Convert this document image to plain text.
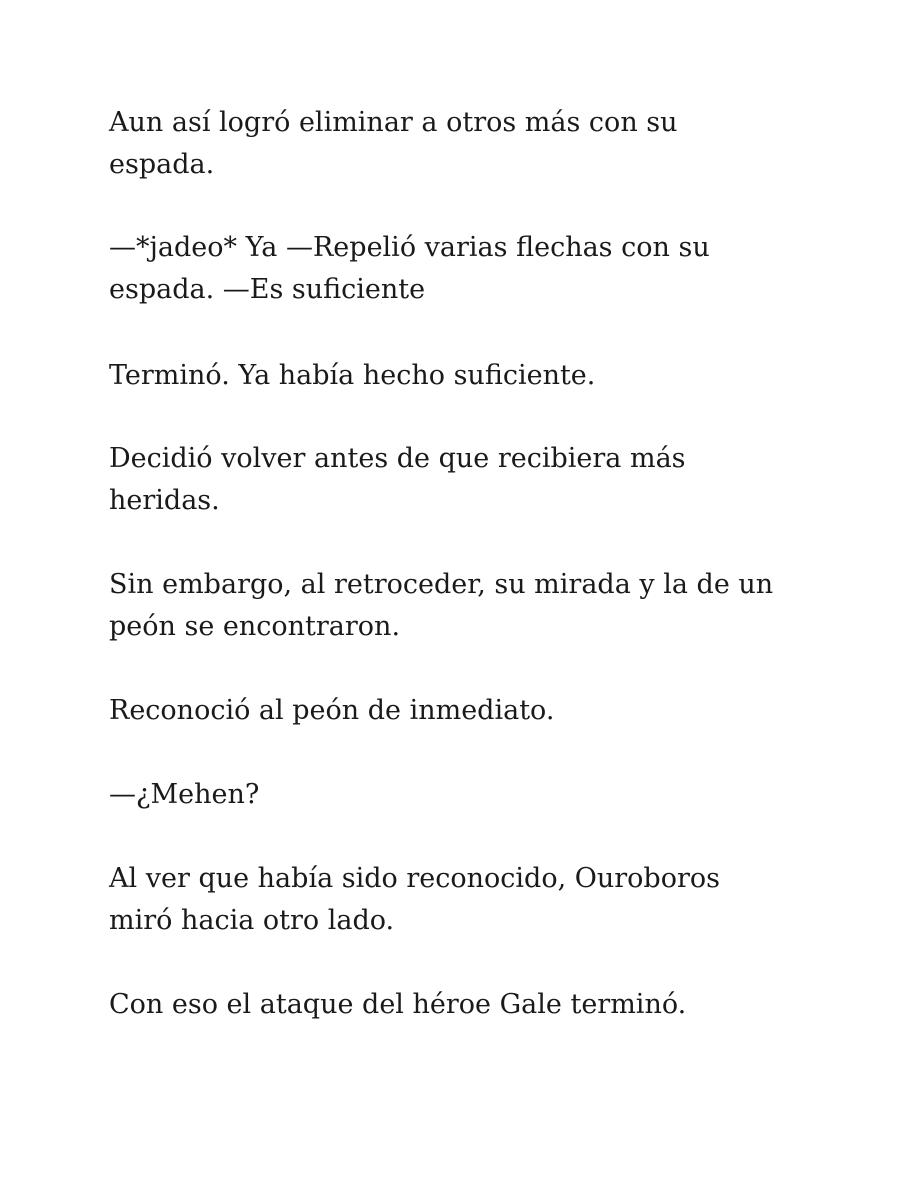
Aun así logró eliminar a otros más con su
espada.

—*jadeo* Ya —Repelió varias flechas con su
espada. —Es suficiente

Terminó. Ya había hecho suficiente.

Decidió volver antes de que recibiera más
heridas.

Sin embargo, al retroceder, su mirada y la de un
peón se encontraron.

Reconoció al peón de inmediato.

—¿Mehen?

Al ver que había sido reconocido, Ouroboros
miró hacia otro lado.

Con eso el ataque del héroe Gale terminó.
